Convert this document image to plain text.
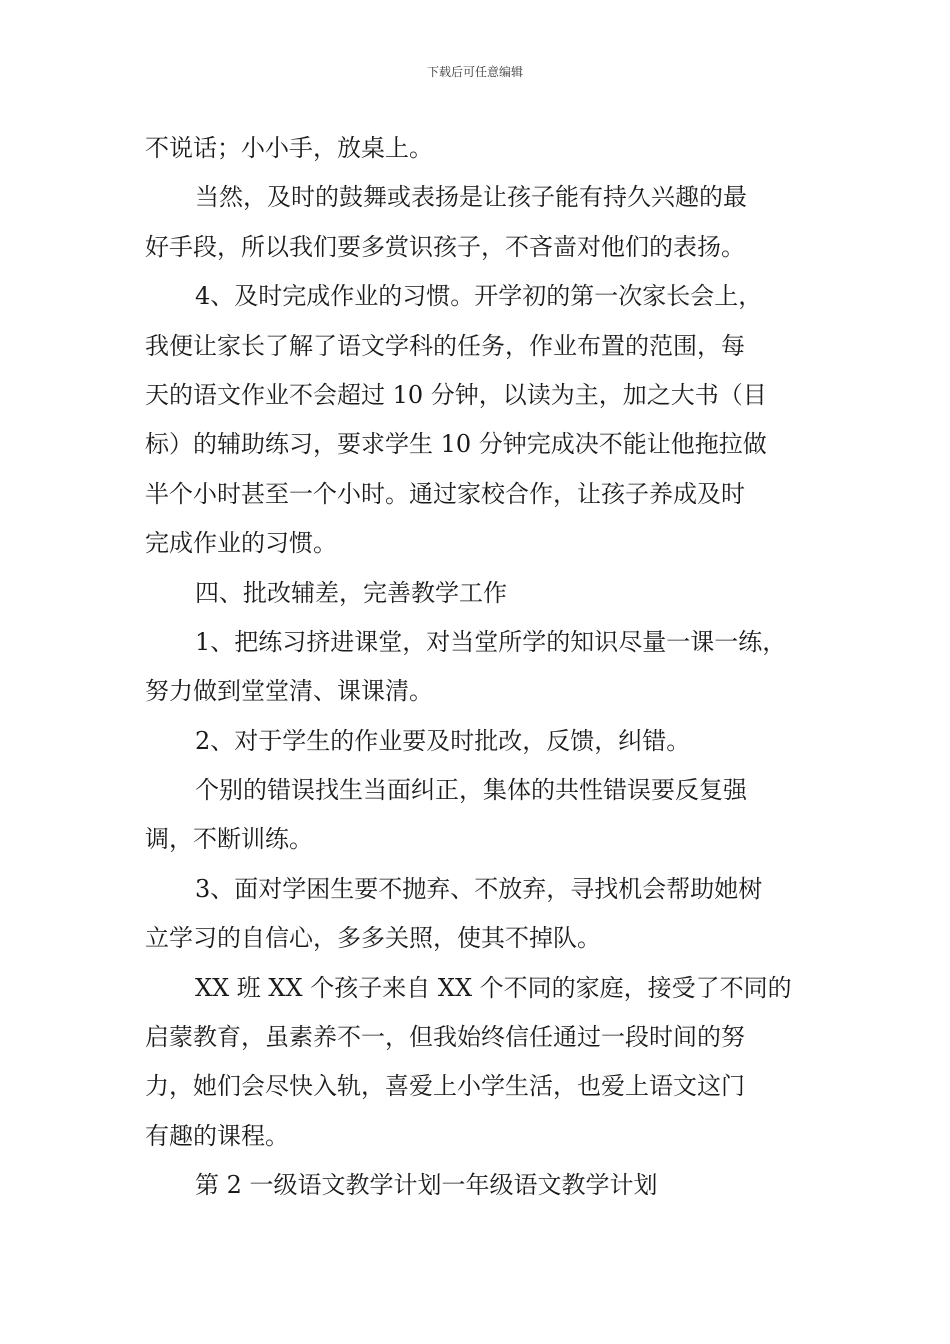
下载后可任意编辑
不说话；小小手，放桌上。
当然，及时的鼓舞或表扬是让孩子能有持久兴趣的最
好手段，所以我们要多赏识孩子，不吝啬对他们的表扬。
4、及时完成作业的习惯。开学初的第一次家长会上，
我便让家长了解了语文学科的任务，作业布置的范围，每
天的语文作业不会超过 10 分钟，以读为主，加之大书（目
标）的辅助练习，要求学生 10 分钟完成决不能让他拖拉做
半个小时甚至一个小时。通过家校合作，让孩子养成及时
完成作业的习惯。
四、批改辅差，完善教学工作
1、把练习挤进课堂，对当堂所学的知识尽量一课一练，
努力做到堂堂清、课课清。
2、对于学生的作业要及时批改，反馈，纠错。
个别的错误找生当面纠正，集体的共性错误要反复强
调，不断训练。
3、面对学困生要不抛弃、不放弃，寻找机会帮助她树
立学习的自信心，多多关照，使其不掉队。
XX 班 XX 个孩子来自 XX 个不同的家庭，接受了不同的
启蒙教育，虽素养不一，但我始终信任通过一段时间的努
力，她们会尽快入轨，喜爱上小学生活，也爱上语文这门
有趣的课程。
第 2 一级语文教学计划一年级语文教学计划
